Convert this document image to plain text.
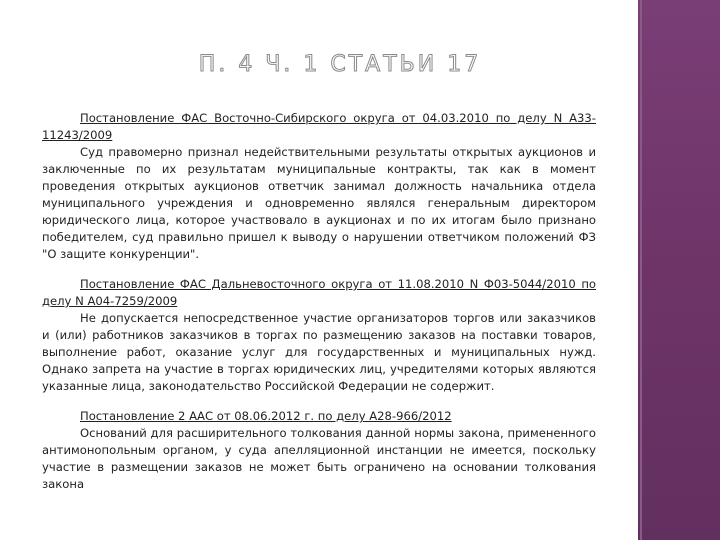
П. 4 Ч. 1 СТАТЬИ 17
Постановление ФАС Восточно-Сибирского округа от 04.03.2010 по делу N А33-11243/2009
Суд правомерно признал недействительными результаты открытых аукционов и заключенные по их результатам муниципальные контракты, так как в момент проведения открытых аукционов ответчик занимал должность начальника отдела муниципального учреждения и одновременно являлся генеральным директором юридического лица, которое участвовало в аукционах и по их итогам было признано победителем, суд правильно пришел к выводу о нарушении ответчиком положений ФЗ "О защите конкуренции".
Постановление ФАС Дальневосточного округа от 11.08.2010 N Ф03-5044/2010 по делу N А04-7259/2009
Не допускается непосредственное участие организаторов торгов или заказчиков и (или) работников заказчиков в торгах по размещению заказов на поставки товаров, выполнение работ, оказание услуг для государственных и муниципальных нужд. Однако запрета на участие в торгах юридических лиц, учредителями которых являются указанные лица, законодательство Российской Федерации не содержит.
Постановление 2 ААС от 08.06.2012 г. по делу А28-966/2012
Оснований для расширительного толкования данной нормы закона, примененного антимонопольным органом, у суда апелляционной инстанции не имеется, поскольку участие в размещении заказов не может быть ограничено на основании толкования закона
